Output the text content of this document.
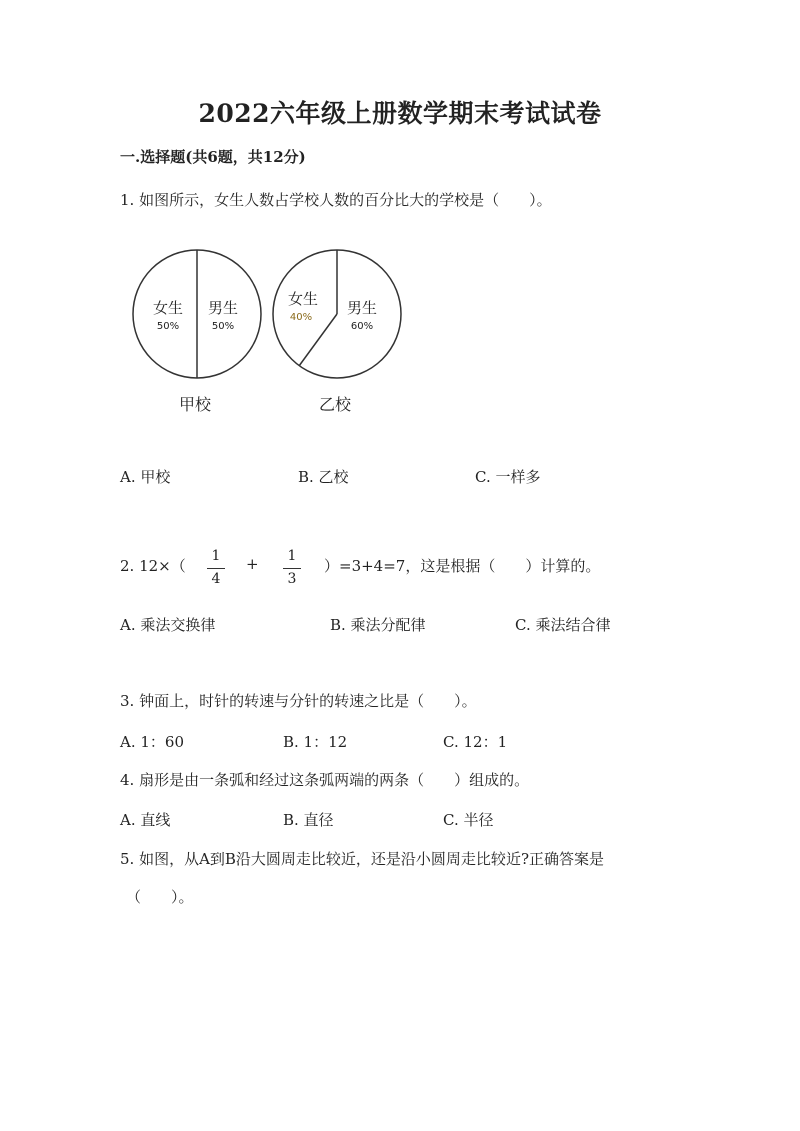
2022六年级上册数学期末考试试卷
一.选择题(共6题，共12分)
1. 如图所示，女生人数占学校人数的百分比大的学校是（　　）。
女生
50%
男生
50%
甲校
女生
40%
男生
60%
乙校
A. 甲校	B. 乙校	C. 一样多
2. 12×（
1
4
+	1
3
）=3+4=7，这是根据（　　）计算的。
A. 乘法交换律	B. 乘法分配律	C. 乘法结合律
3. 钟面上，时针的转速与分针的转速之比是（　　）。
A. 1：60	B. 1：12	C. 12：1
4. 扇形是由一条弧和经过这条弧两端的两条（　　）组成的。
A. 直线	B. 直径	C. 半径
5. 如图，从A到B沿大圆周走比较近，还是沿小圆周走比较近?正确答案是
（　　）。
